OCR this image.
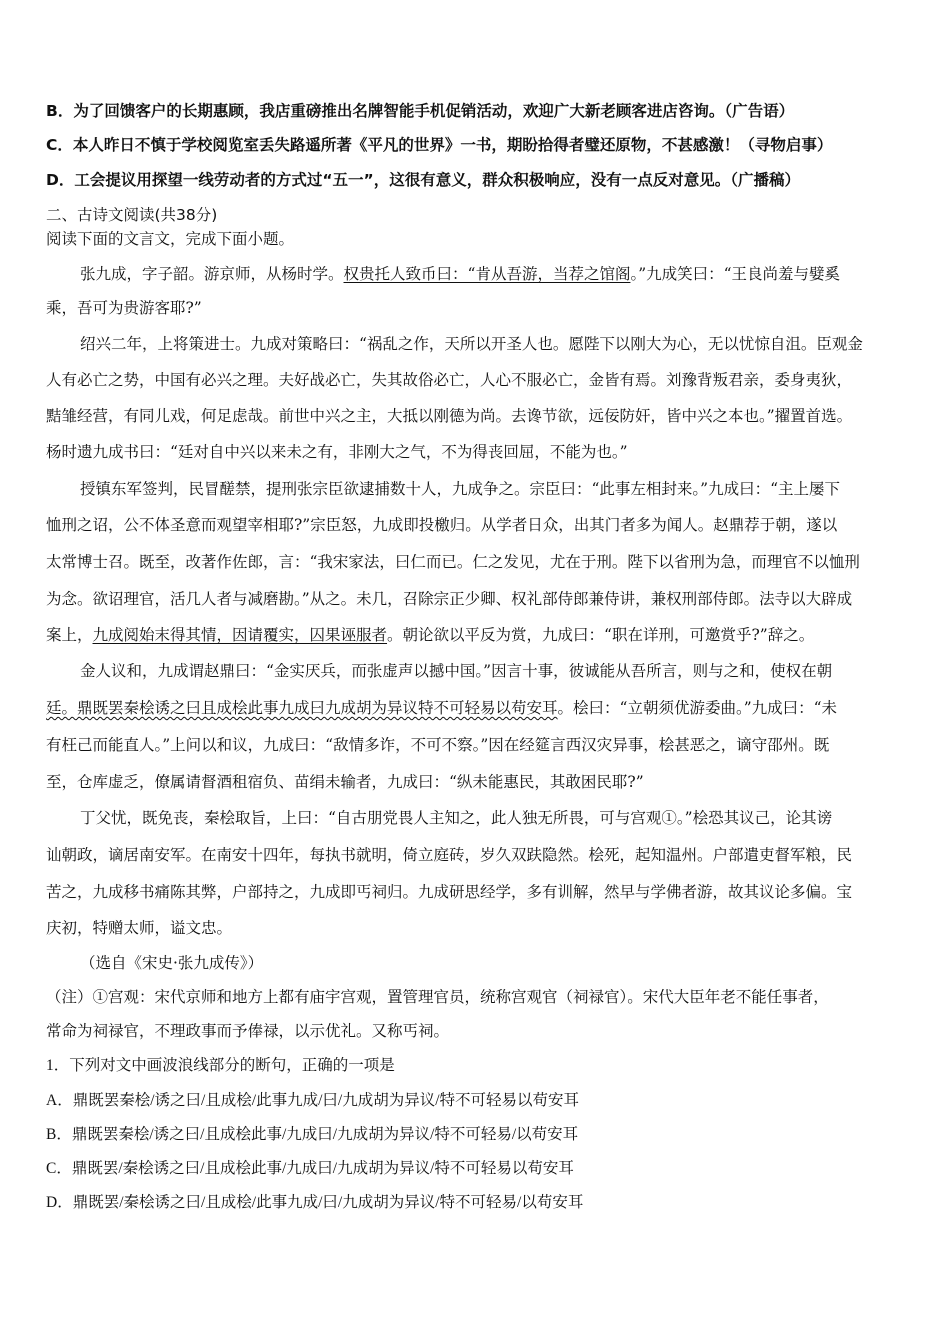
B．为了回馈客户的长期惠顾，我店重磅推出名牌智能手机促销活动，欢迎广大新老顾客进店咨询。（广告语）
C．本人昨日不慎于学校阅览室丢失路遥所著《平凡的世界》一书，期盼拾得者璧还原物，不甚感激！（寻物启事）
D．工会提议用探望一线劳动者的方式过“五一”，这很有意义，群众积极响应，没有一点反对意见。（广播稿）
二、古诗文阅读(共38分)
阅读下面的文言文，完成下面小题。
张九成，字子韶。游京师，从杨时学。权贵托人致币曰：“肯从吾游，当荐之馆阁。”九成笑曰：“王良尚羞与嬖奚
乘，吾可为贵游客耶?”
绍兴二年，上将策进士。九成对策略曰：“祸乱之作，天所以开圣人也。愿陛下以刚大为心，无以忧惊自沮。臣观金
人有必亡之势，中国有必兴之理。夫好战必亡，失其故俗必亡，人心不服必亡，金皆有焉。刘豫背叛君亲，委身夷狄，
黠雏经营，有同儿戏，何足虑哉。前世中兴之主，大抵以刚德为尚。去谗节欲，远佞防奸，皆中兴之本也。”擢置首选。
杨时遗九成书曰：“廷对自中兴以来未之有，非刚大之气，不为得丧回屈，不能为也。”
授镇东军签判，民冒醝禁，提刑张宗臣欲逮捕数十人，九成争之。宗臣曰：“此事左相封来。”九成曰：“主上屡下
恤刑之诏，公不体圣意而观望宰相耶?”宗臣怒，九成即投檄归。从学者日众，出其门者多为闻人。赵鼎荐于朝，遂以
太常博士召。既至，改著作佐郎，言：“我宋家法，曰仁而已。仁之发见，尤在于刑。陛下以省刑为急，而理官不以恤刑
为念。欲诏理官，活几人者与减磨勘。”从之。未几，召除宗正少卿、权礼部侍郎兼侍讲，兼权刑部侍郎。法寺以大辟成
案上，九成阅始末得其情，因请覆实，囚果诬服者。朝论欲以平反为赏，九成曰：“职在详刑，可邀赏乎?”辞之。
金人议和，九成谓赵鼎曰：“金实厌兵，而张虚声以撼中国。”因言十事，彼诚能从吾所言，则与之和，使权在朝
廷。鼎既罢秦桧诱之曰且成桧此事九成曰九成胡为异议特不可轻易以苟安耳。桧曰：“立朝须优游委曲。”九成曰：“未
有枉己而能直人。”上问以和议，九成曰：“敌情多诈，不可不察。”因在经筵言西汉灾异事，桧甚恶之，谪守邵州。既
至，仓库虚乏，僚属请督酒租宿负、苗绢未输者，九成曰：“纵未能惠民，其敢困民耶?”
丁父忧，既免丧，秦桧取旨，上曰：“自古朋党畏人主知之，此人独无所畏，可与宫观①。”桧恐其议己，论其谤
讪朝政，谪居南安军。在南安十四年，每执书就明，倚立庭砖，岁久双趺隐然。桧死，起知温州。户部遣吏督军粮，民
苦之，九成移书痛陈其弊，户部持之，九成即丐祠归。九成研思经学，多有训解，然早与学佛者游，故其议论多偏。宝
庆初，特赠太师，谥文忠。
（选自《宋史·张九成传》）
（注）①宫观：宋代京师和地方上都有庙宇宫观，置管理官员，统称宫观官（祠禄官）。宋代大臣年老不能任事者，
常命为祠禄官，不理政事而予俸禄，以示优礼。又称丐祠。
1．下列对文中画波浪线部分的断句，正确的一项是
A．鼎既罢秦桧/诱之曰/且成桧/此事九成/曰/九成胡为异议/特不可轻易以苟安耳
B．鼎既罢秦桧/诱之曰/且成桧此事/九成曰/九成胡为异议/特不可轻易/以苟安耳
C．鼎既罢/秦桧诱之曰/且成桧此事/九成曰/九成胡为异议/特不可轻易以苟安耳
D．鼎既罢/秦桧诱之曰/且成桧/此事九成/曰/九成胡为异议/特不可轻易/以苟安耳
